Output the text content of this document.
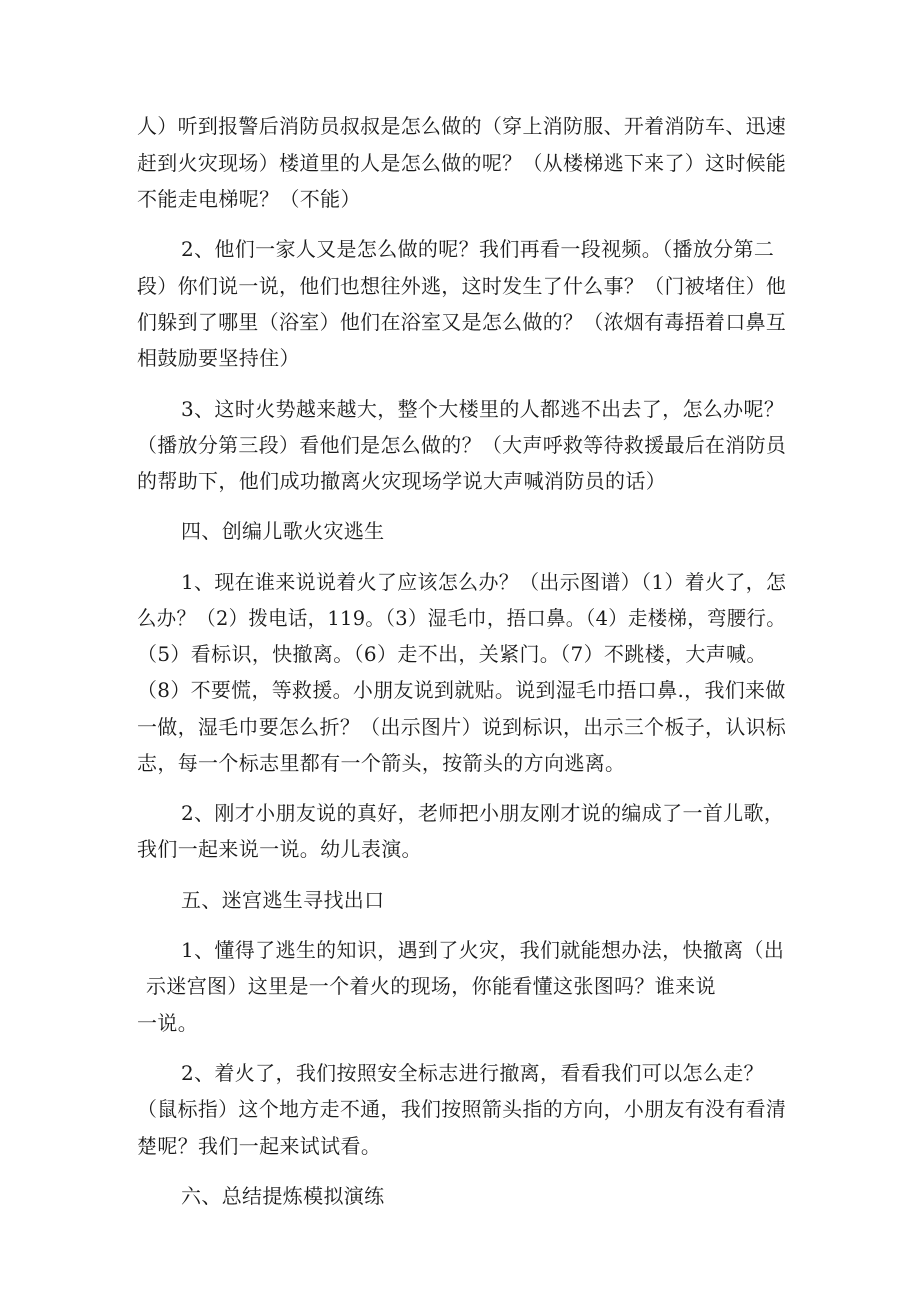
人）听到报警后消防员叔叔是怎么做的（穿上消防服、开着消防车、迅速
赶到火灾现场）楼道里的人是怎么做的呢？（从楼梯逃下来了）这时候能
不能走电梯呢？（不能）
2、他们一家人又是怎么做的呢？我们再看一段视频。（播放分第二
段）你们说一说，他们也想往外逃，这时发生了什么事？（门被堵住）他
们躲到了哪里（浴室）他们在浴室又是怎么做的？（浓烟有毒捂着口鼻互
相鼓励要坚持住）
3、这时火势越来越大，整个大楼里的人都逃不出去了，怎么办呢？
（播放分第三段）看他们是怎么做的？（大声呼救等待救援最后在消防员
的帮助下，他们成功撤离火灾现场学说大声喊消防员的话）
四、创编儿歌火灾逃生
1、现在谁来说说着火了应该怎么办？（出示图谱）（1）着火了，怎
么办？（2）拨电话，119。（3）湿毛巾，捂口鼻。（4）走楼梯，弯腰行。
（5）看标识，快撤离。（6）走不出，关紧门。（7）不跳楼，大声喊。
（8）不要慌，等救援。小朋友说到就贴。说到湿毛巾捂口鼻.，我们来做
一做，湿毛巾要怎么折？（出示图片）说到标识，出示三个板子，认识标
志，每一个标志里都有一个箭头，按箭头的方向逃离。
2、刚才小朋友说的真好，老师把小朋友刚才说的编成了一首儿歌，
我们一起来说一说。幼儿表演。
五、迷宫逃生寻找出口
1、懂得了逃生的知识，遇到了火灾，我们就能想办法，快撤离（出
示迷宫图）这里是一个着火的现场，你能看懂这张图吗？谁来说
一说。
2、着火了，我们按照安全标志进行撤离，看看我们可以怎么走？
（鼠标指）这个地方走不通，我们按照箭头指的方向，小朋友有没有看清
楚呢？我们一起来试试看。
六、总结提炼模拟演练
